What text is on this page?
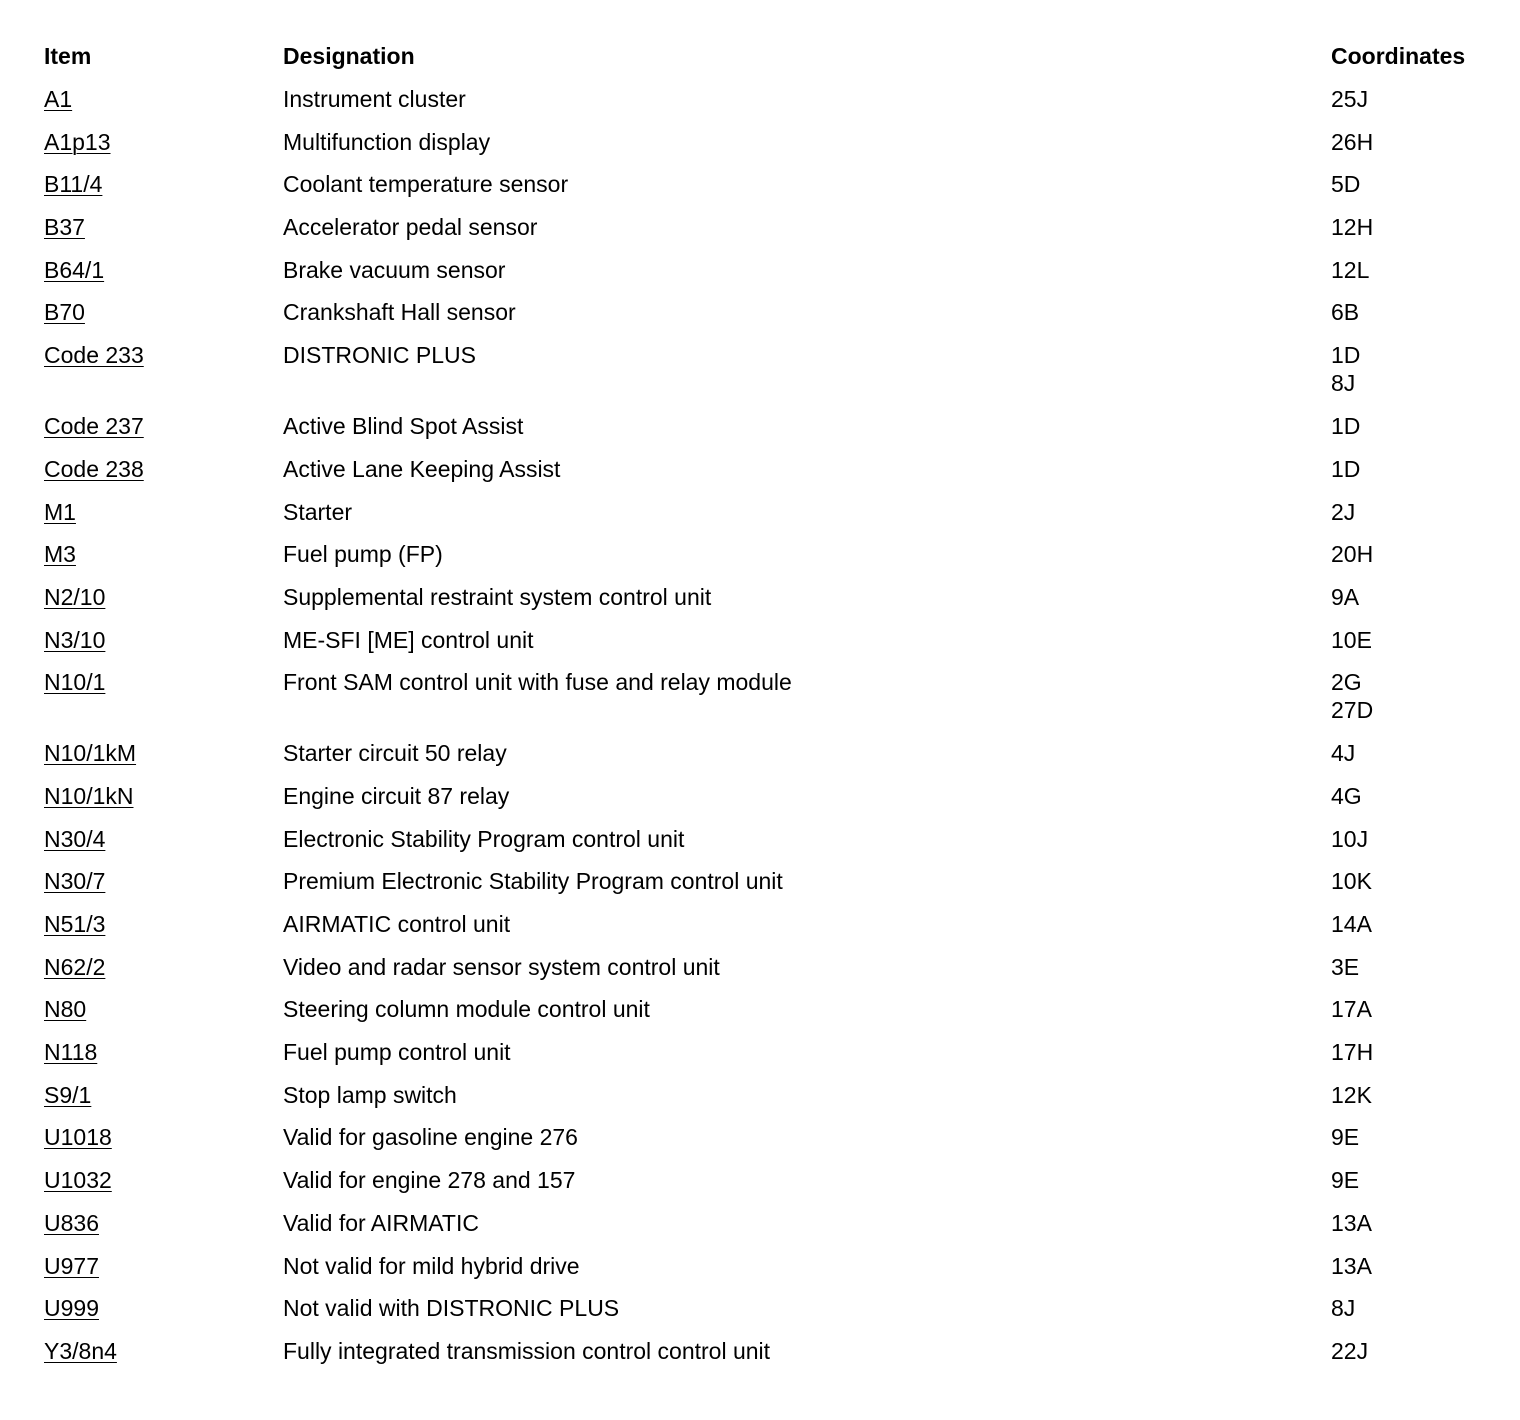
Item	Designation	Coordinates
A1	Instrument cluster	25J
A1p13	Multifunction display	26H
B11/4	Coolant temperature sensor	5D
B37	Accelerator pedal sensor	12H
B64/1	Brake vacuum sensor	12L
B70	Crankshaft Hall sensor	6B
Code 233	DISTRONIC PLUS	1D
8J
Code 237	Active Blind Spot Assist	1D
Code 238	Active Lane Keeping Assist	1D
M1	Starter	2J
M3	Fuel pump (FP)	20H
N2/10	Supplemental restraint system control unit	9A
N3/10	ME-SFI [ME] control unit	10E
N10/1	Front SAM control unit with fuse and relay module	2G
27D
N10/1kM	Starter circuit 50 relay	4J
N10/1kN	Engine circuit 87 relay	4G
N30/4	Electronic Stability Program control unit	10J
N30/7	Premium Electronic Stability Program control unit	10K
N51/3	AIRMATIC control unit	14A
N62/2	Video and radar sensor system control unit	3E
N80	Steering column module control unit	17A
N118	Fuel pump control unit	17H
S9/1	Stop lamp switch	12K
U1018	Valid for gasoline engine 276	9E
U1032	Valid for engine 278 and 157	9E
U836	Valid for AIRMATIC	13A
U977	Not valid for mild hybrid drive	13A
U999	Not valid with DISTRONIC PLUS	8J
Y3/8n4	Fully integrated transmission control control unit	22J
